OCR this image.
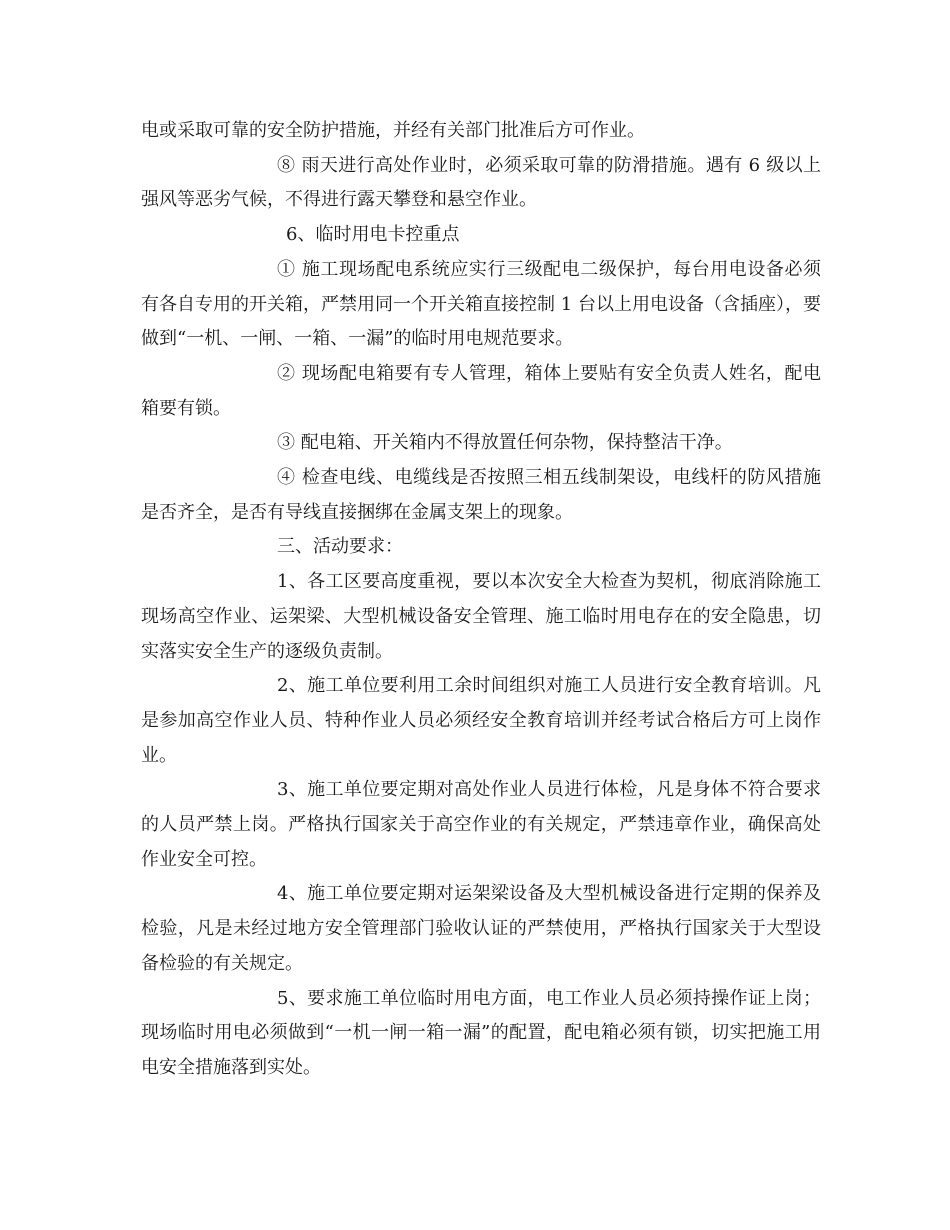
电或采取可靠的安全防护措施，并经有关部门批准后方可作业。

⑧ 雨天进行高处作业时，必须采取可靠的防滑措施。遇有 6 级以上强风等恶劣气候，不得进行露天攀登和悬空作业。

6、临时用电卡控重点

① 施工现场配电系统应实行三级配电二级保护，每台用电设备必须有各自专用的开关箱，严禁用同一个开关箱直接控制 1 台以上用电设备（含插座），要做到“一机、一闸、一箱、一漏”的临时用电规范要求。

② 现场配电箱要有专人管理，箱体上要贴有安全负责人姓名，配电箱要有锁。

③ 配电箱、开关箱内不得放置任何杂物，保持整洁干净。

④ 检查电线、电缆线是否按照三相五线制架设，电线杆的防风措施是否齐全，是否有导线直接捆绑在金属支架上的现象。

三、活动要求：

1、各工区要高度重视，要以本次安全大检查为契机，彻底消除施工现场高空作业、运架梁、大型机械设备安全管理、施工临时用电存在的安全隐患，切实落实安全生产的逐级负责制。

2、施工单位要利用工余时间组织对施工人员进行安全教育培训。凡是参加高空作业人员、特种作业人员必须经安全教育培训并经考试合格后方可上岗作业。

3、施工单位要定期对高处作业人员进行体检，凡是身体不符合要求的人员严禁上岗。严格执行国家关于高空作业的有关规定，严禁违章作业，确保高处作业安全可控。

4、施工单位要定期对运架梁设备及大型机械设备进行定期的保养及检验，凡是未经过地方安全管理部门验收认证的严禁使用，严格执行国家关于大型设备检验的有关规定。

5、要求施工单位临时用电方面，电工作业人员必须持操作证上岗；现场临时用电必须做到“一机一闸一箱一漏”的配置，配电箱必须有锁，切实把施工用电安全措施落到实处。
